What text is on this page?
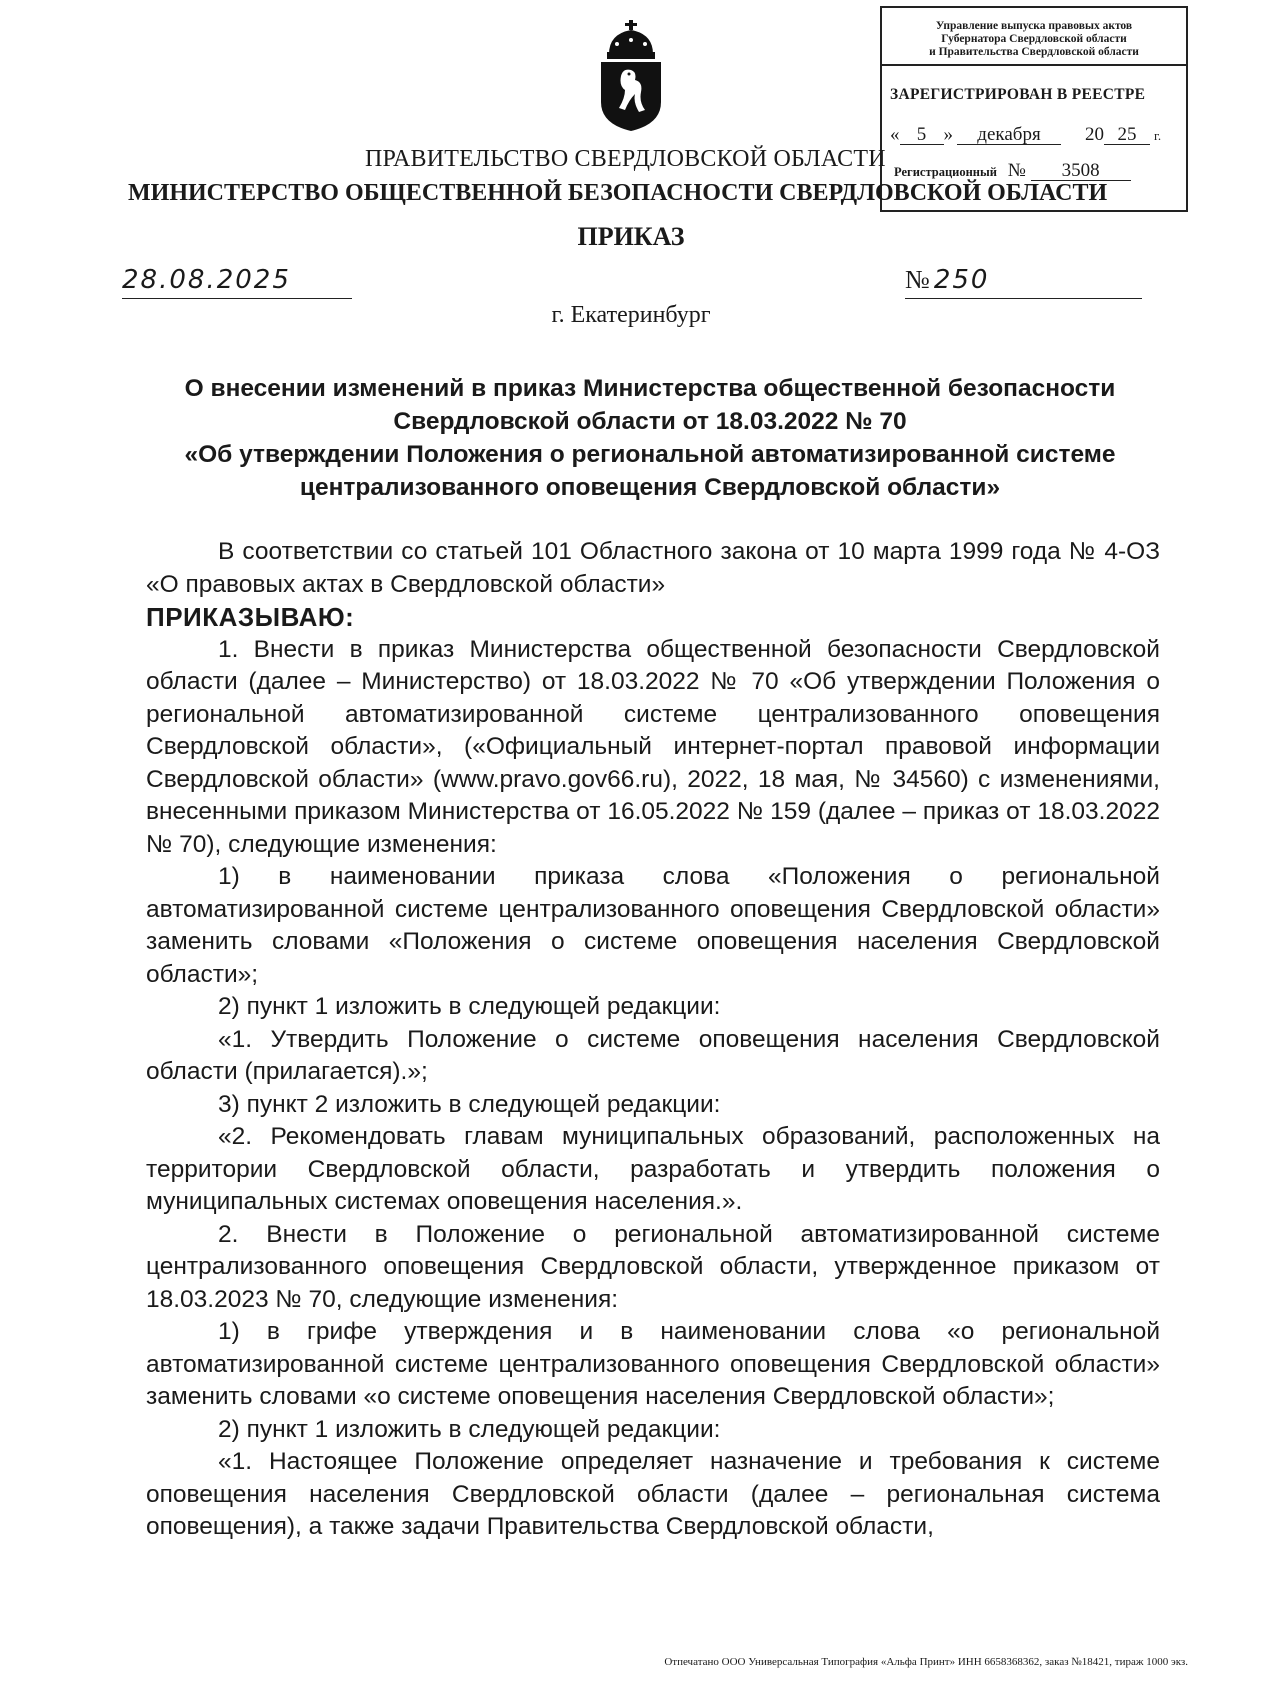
Управление выпуска правовых актов
Губернатора Свердловской области
и Правительства Свердловской области
ЗАРЕГИСТРИРОВАН В РЕЕСТРЕ
« 5 » декабря 20 25 г.
Регистрационный № 3508
ПРАВИТЕЛЬСТВО СВЕРДЛОВСКОЙ ОБЛАСТИ
МИНИСТЕРСТВО ОБЩЕСТВЕННОЙ БЕЗОПАСНОСТИ СВЕРДЛОВСКОЙ ОБЛАСТИ
ПРИКАЗ
28.08.2025	№ 250
г. Екатеринбург
О внесении изменений в приказ Министерства общественной безопасности
Свердловской области от 18.03.2022 № 70
«Об утверждении Положения о региональной автоматизированной системе
централизованного оповещения Свердловской области»

В соответствии со статьей 101 Областного закона от 10 марта 1999 года № 4-ОЗ «О правовых актах в Свердловской области»

ПРИКАЗЫВАЮ:

1. Внести в приказ Министерства общественной безопасности Свердловской области (далее – Министерство) от 18.03.2022 № 70 «Об утверждении Положения о региональной автоматизированной системе централизованного оповещения Свердловской области», («Официальный интернет-портал правовой информации Свердловской области» (www.pravo.gov66.ru), 2022, 18 мая, № 34560) с изменениями, внесенными приказом Министерства от 16.05.2022 № 159 (далее – приказ от 18.03.2022 № 70), следующие изменения:

1) в наименовании приказа слова «Положения о региональной автоматизированной системе централизованного оповещения Свердловской области» заменить словами «Положения о системе оповещения населения Свердловской области»;

2) пункт 1 изложить в следующей редакции:

«1. Утвердить Положение о системе оповещения населения Свердловской области (прилагается).»;

3) пункт 2 изложить в следующей редакции:

«2. Рекомендовать главам муниципальных образований, расположенных на территории Свердловской области, разработать и утвердить положения о муниципальных системах оповещения населения.».

2. Внести в Положение о региональной автоматизированной системе централизованного оповещения Свердловской области, утвержденное приказом от 18.03.2023 № 70, следующие изменения:

1) в грифе утверждения и в наименовании слова «о региональной автоматизированной системе централизованного оповещения Свердловской области» заменить словами «о системе оповещения населения Свердловской области»;

2) пункт 1 изложить в следующей редакции:

«1. Настоящее Положение определяет назначение и требования к системе оповещения населения Свердловской области (далее – региональная система оповещения), а также задачи Правительства Свердловской области,

Отпечатано ООО Универсальная Типография «Альфа Принт» ИНН 6658368362, заказ №18421, тираж 1000 экз.
